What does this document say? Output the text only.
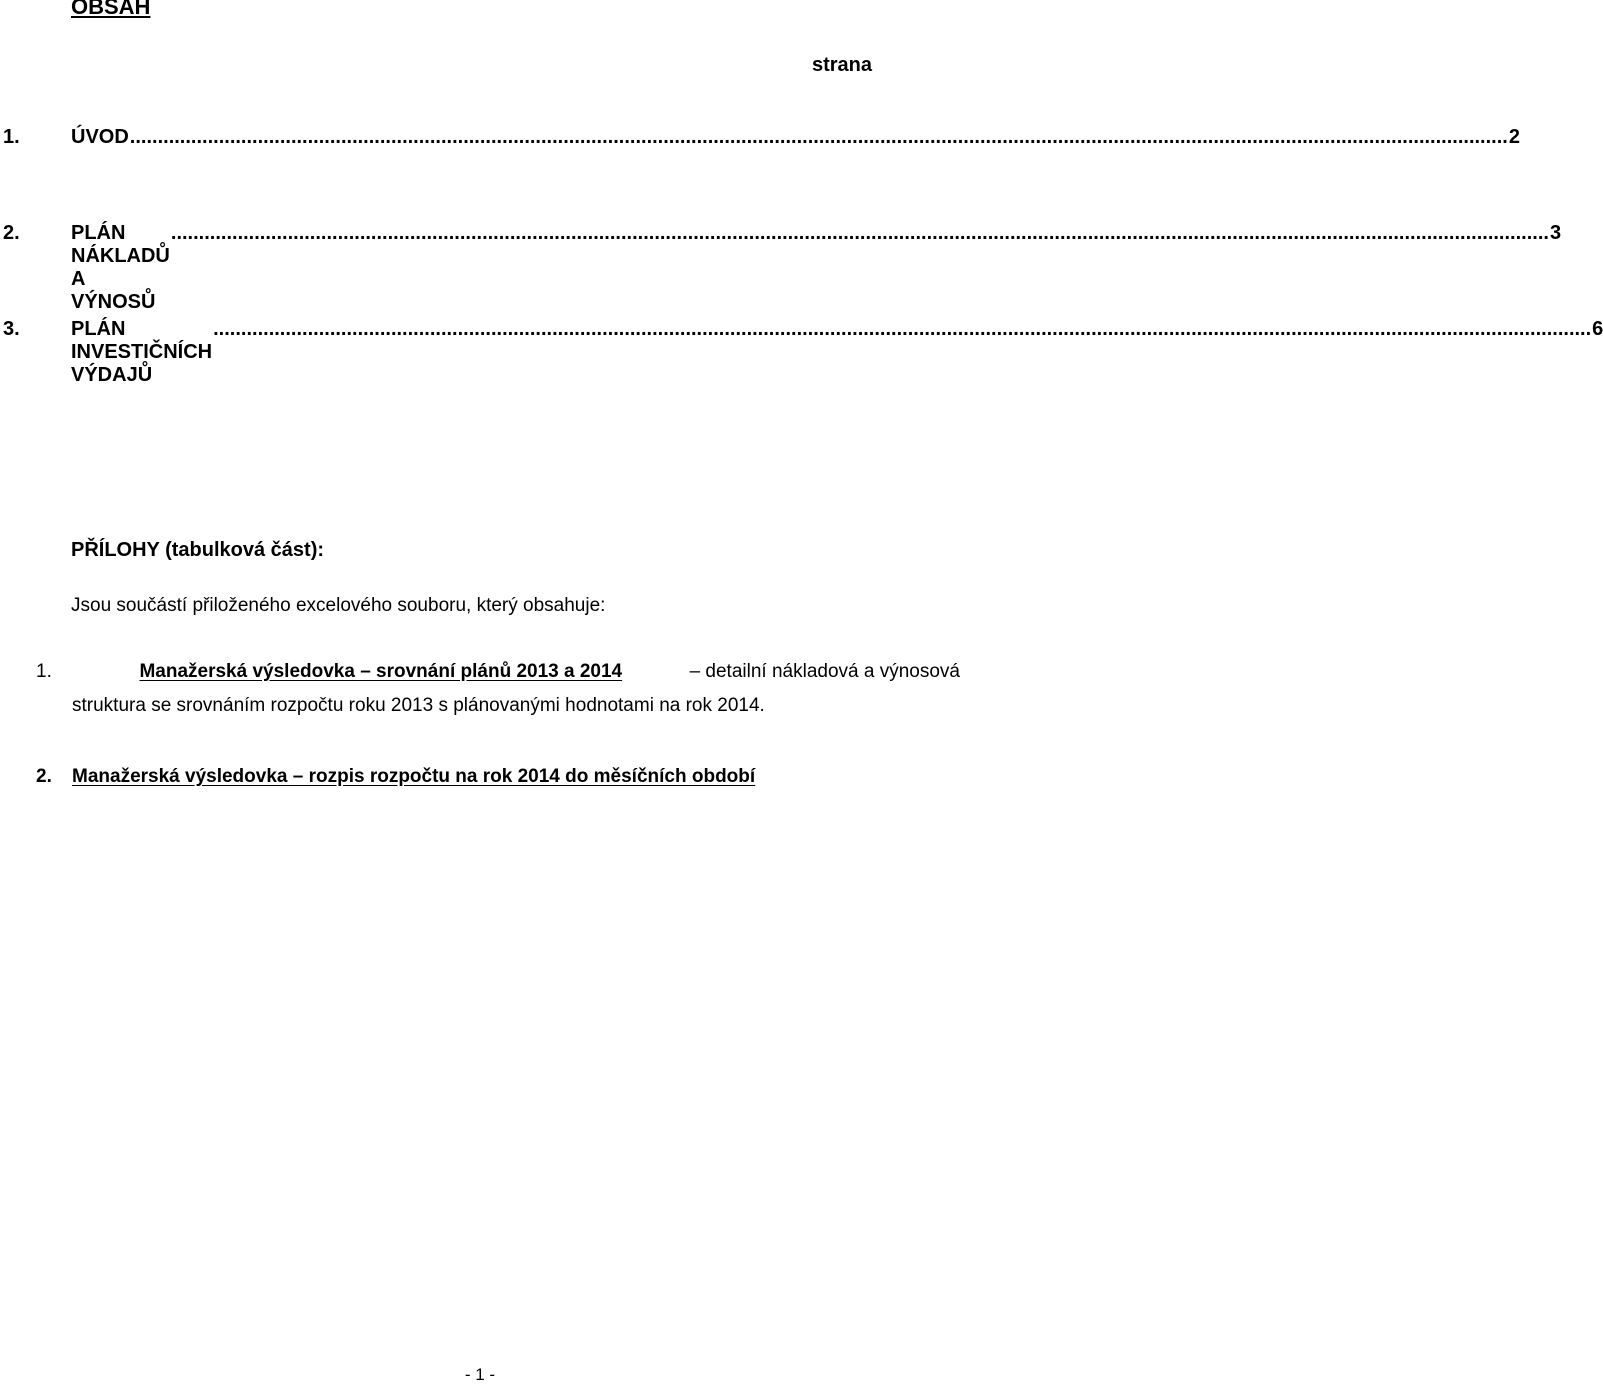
OBSAH
strana
1.	ÚVOD ........................................................................................................................................................................................................................................................ 2
2.	PLÁN NÁKLADŮ A VÝNOSŮ
........................................................................................................................................................................................................................................................ 3
3.	PLÁN INVESTIČNÍCH VÝDAJŮ
........................................................................................................................................................................................................................................................ 6
PŘÍLOHY (tabulková část):
Jsou součástí přiloženého excelového souboru, který obsahuje:
1.	Manažerská výsledovka – srovnání plánů 2013 a 2014	– detailní nákladová a výnosová
struktura se srovnáním rozpočtu roku 2013 s plánovanými hodnotami na rok 2014.
2. Manažerská výsledovka – rozpis rozpočtu na rok 2014 do měsíčních období
- 1 -
